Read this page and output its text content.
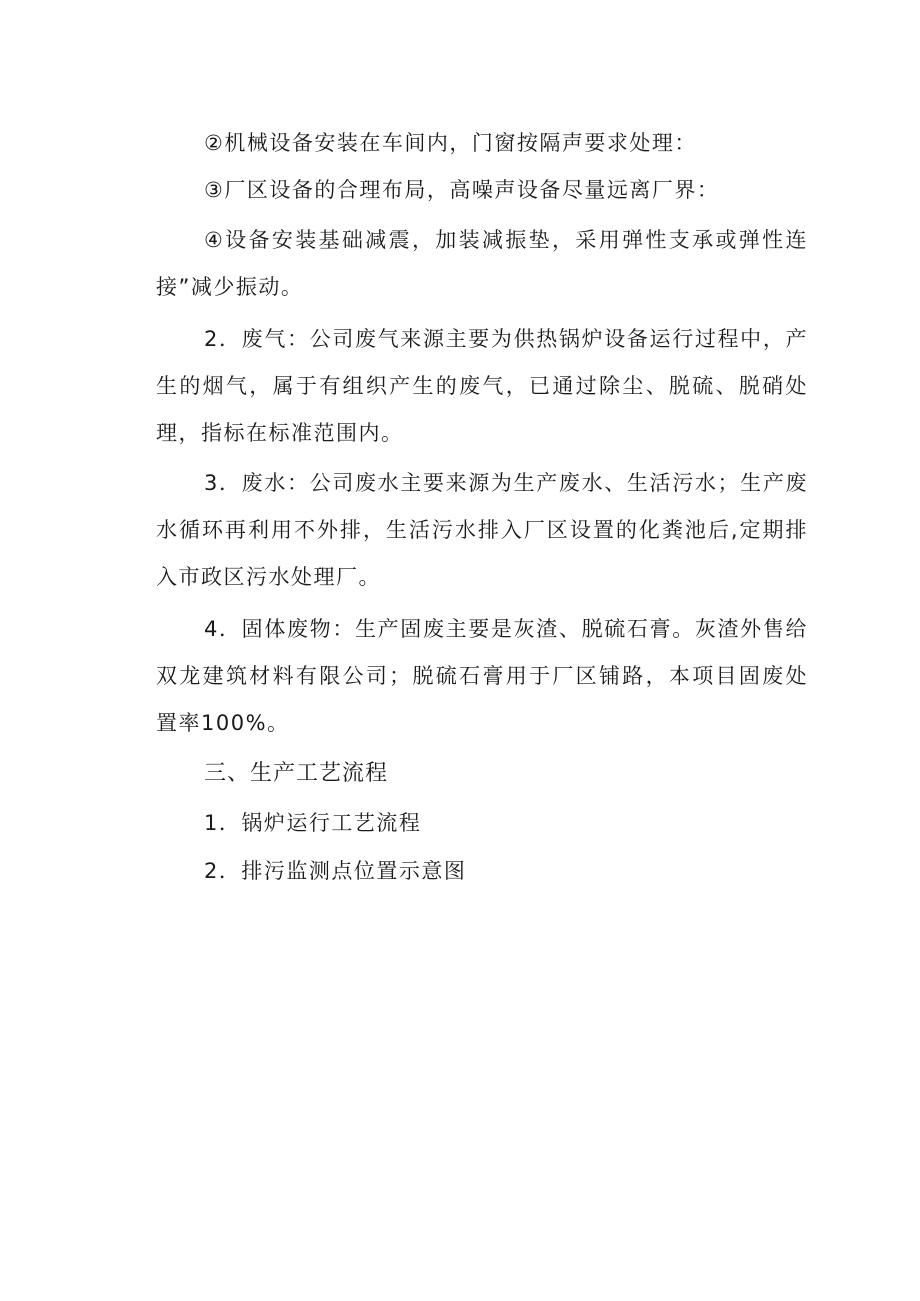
②机械设备安装在车间内，门窗按隔声要求处理：

③厂区设备的合理布局，高噪声设备尽量远离厂界：

④设备安装基础减震，加装减振垫，采用弹性支承或弹性连接”减少振动。

2．废气：公司废气来源主要为供热锅炉设备运行过程中，产生的烟气，属于有组织产生的废气，已通过除尘、脱硫、脱硝处理，指标在标准范围内。

3．废水：公司废水主要来源为生产废水、生活污水；生产废水循环再利用不外排，生活污水排入厂区设置的化粪池后,定期排入市政区污水处理厂。

4．固体废物：生产固废主要是灰渣、脱硫石膏。灰渣外售给双龙建筑材料有限公司；脱硫石膏用于厂区铺路，本项目固废处置率100%。

三、生产工艺流程

1．锅炉运行工艺流程

2．排污监测点位置示意图
